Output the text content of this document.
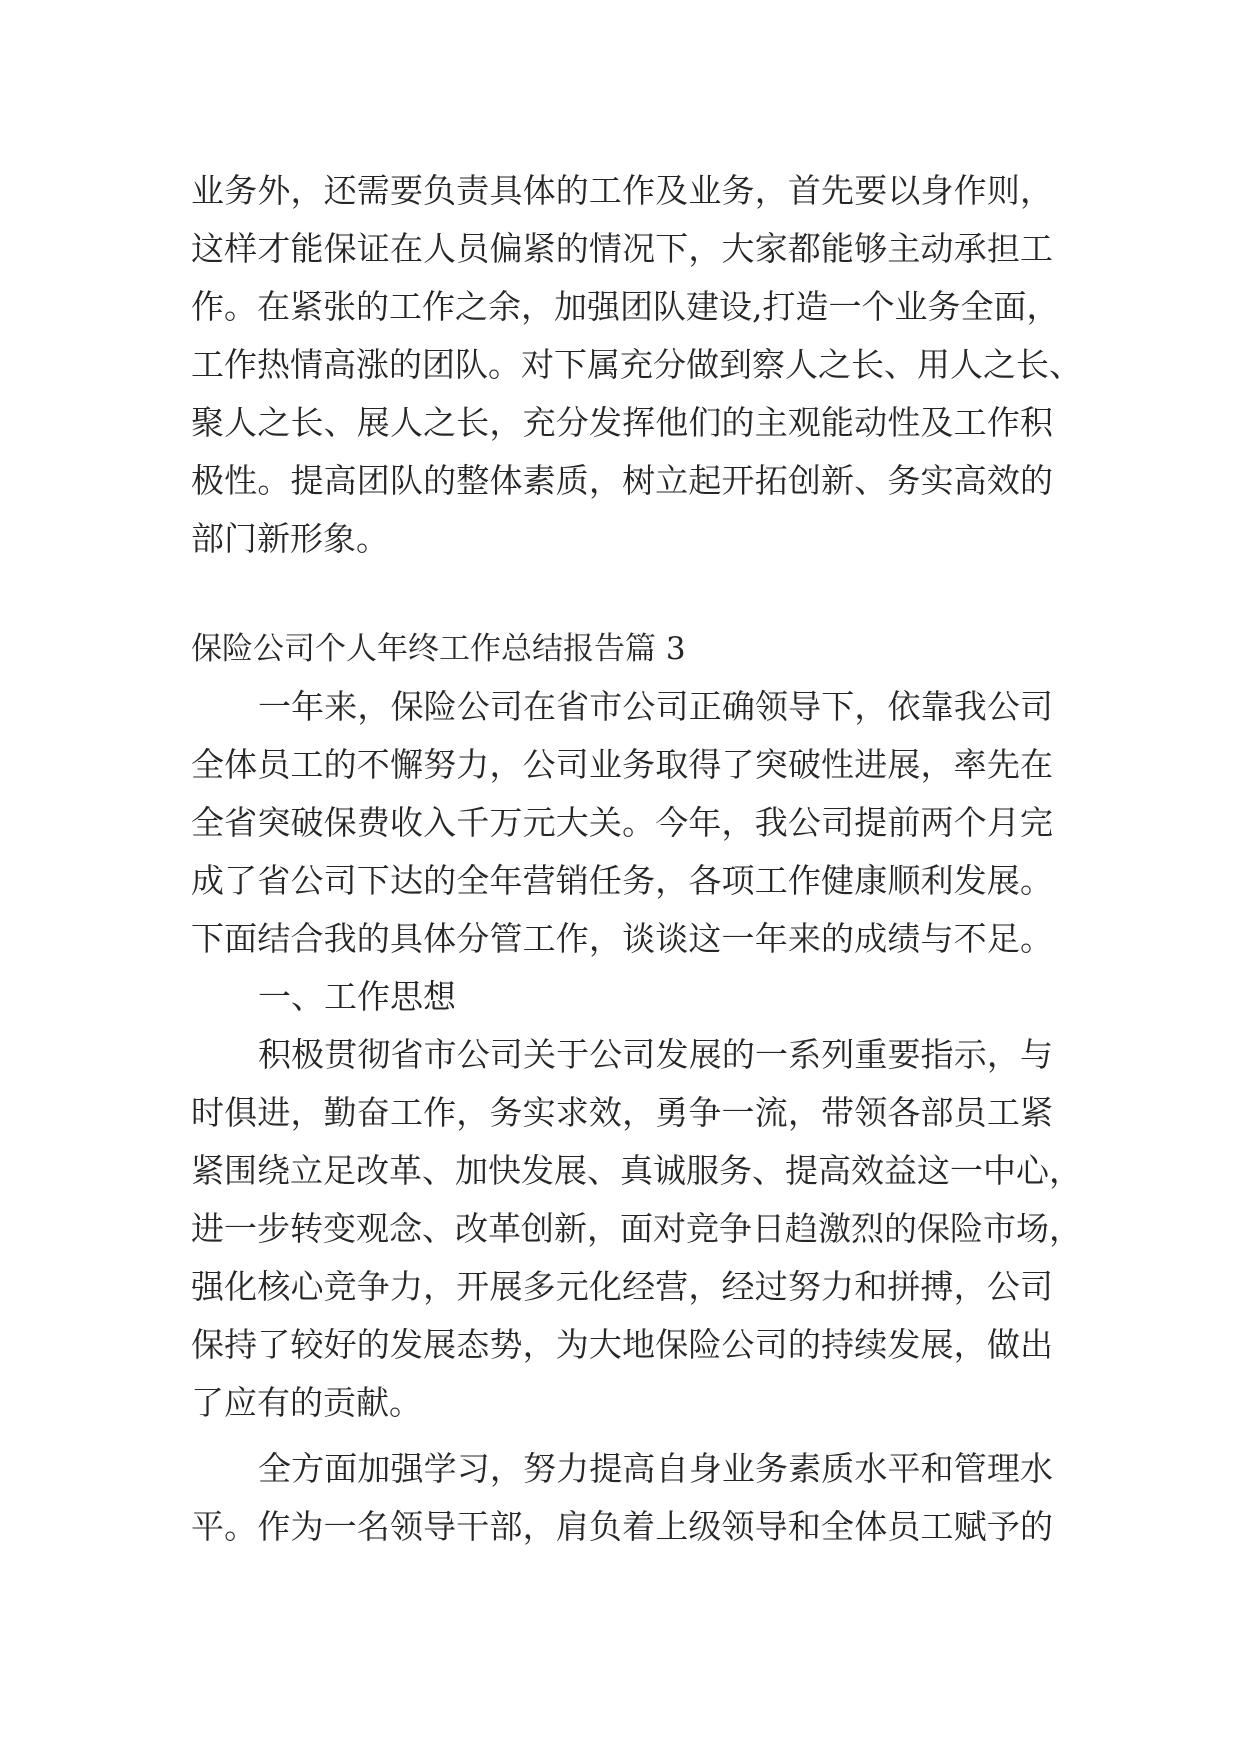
业务外，还需要负责具体的工作及业务，首先要以身作则，
这样才能保证在人员偏紧的情况下，大家都能够主动承担工
作。在紧张的工作之余，加强团队建设,打造一个业务全面，
工作热情高涨的团队。对下属充分做到察人之长、用人之长、
聚人之长、展人之长，充分发挥他们的主观能动性及工作积
极性。提高团队的整体素质，树立起开拓创新、务实高效的
部门新形象。
保险公司个人年终工作总结报告篇 3
一年来，保险公司在省市公司正确领导下，依靠我公司
全体员工的不懈努力，公司业务取得了突破性进展，率先在
全省突破保费收入千万元大关。今年，我公司提前两个月完
成了省公司下达的全年营销任务，各项工作健康顺利发展。
下面结合我的具体分管工作，谈谈这一年来的成绩与不足。
一、工作思想
积极贯彻省市公司关于公司发展的一系列重要指示，与
时俱进，勤奋工作，务实求效，勇争一流，带领各部员工紧
紧围绕立足改革、加快发展、真诚服务、提高效益这一中心，
进一步转变观念、改革创新，面对竞争日趋激烈的保险市场，
强化核心竞争力，开展多元化经营，经过努力和拼搏，公司
保持了较好的发展态势，为大地保险公司的持续发展，做出
了应有的贡献。
全方面加强学习，努力提高自身业务素质水平和管理水
平。作为一名领导干部，肩负着上级领导和全体员工赋予的
